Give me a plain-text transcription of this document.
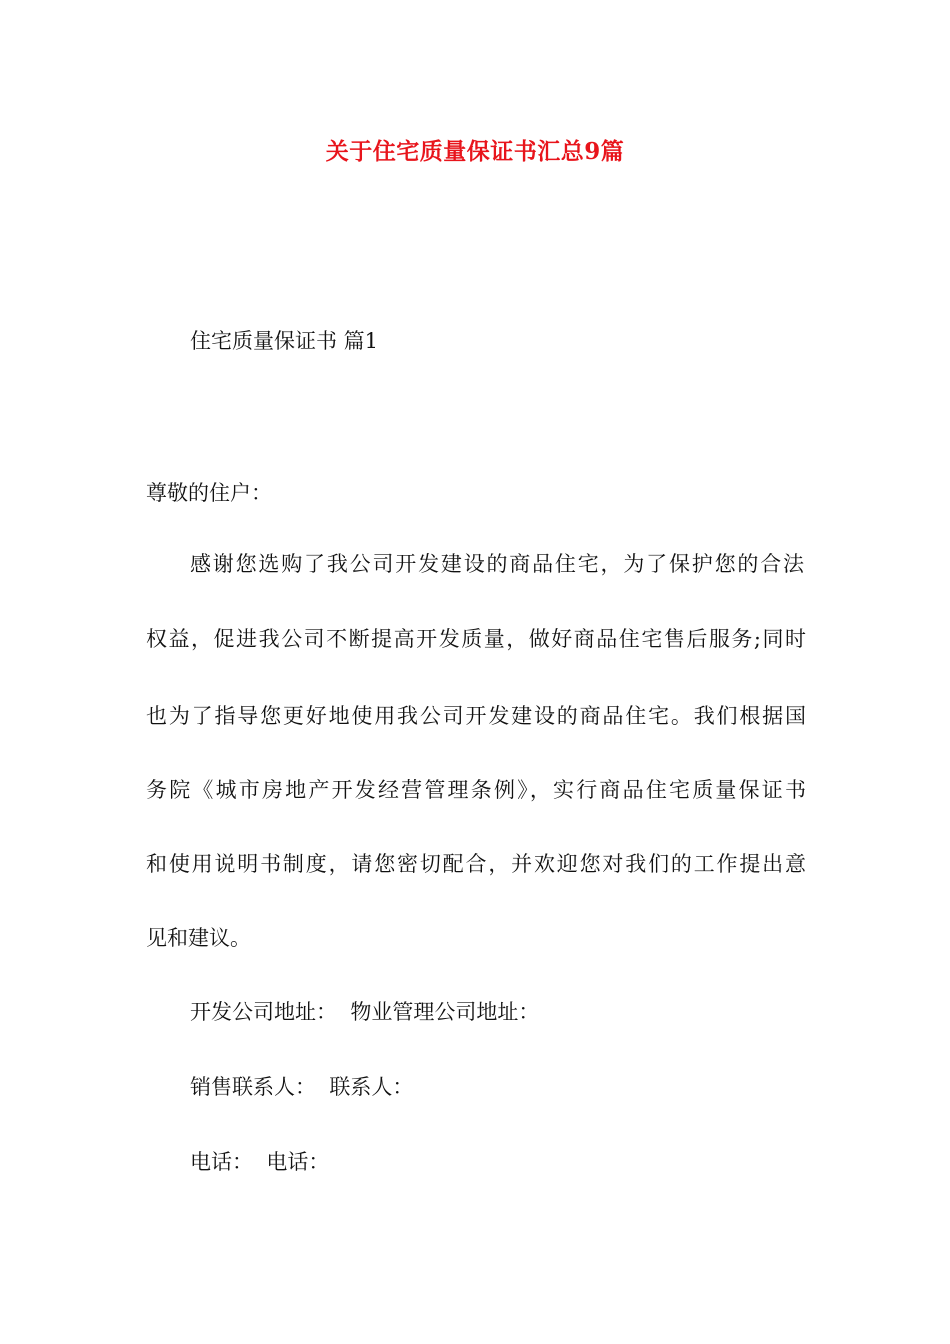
关于住宅质量保证书汇总9篇
住宅质量保证书 篇1
尊敬的住户：
感谢您选购了我公司开发建设的商品住宅，为了保护您的合法
权益，促进我公司不断提高开发质量，做好商品住宅售后服务;同时
也为了指导您更好地使用我公司开发建设的商品住宅。我们根据国
务院《城市房地产开发经营管理条例》，实行商品住宅质量保证书
和使用说明书制度，请您密切配合，并欢迎您对我们的工作提出意
见和建议。
开发公司地址：  物业管理公司地址：
销售联系人：  联系人：
电话：  电话：
